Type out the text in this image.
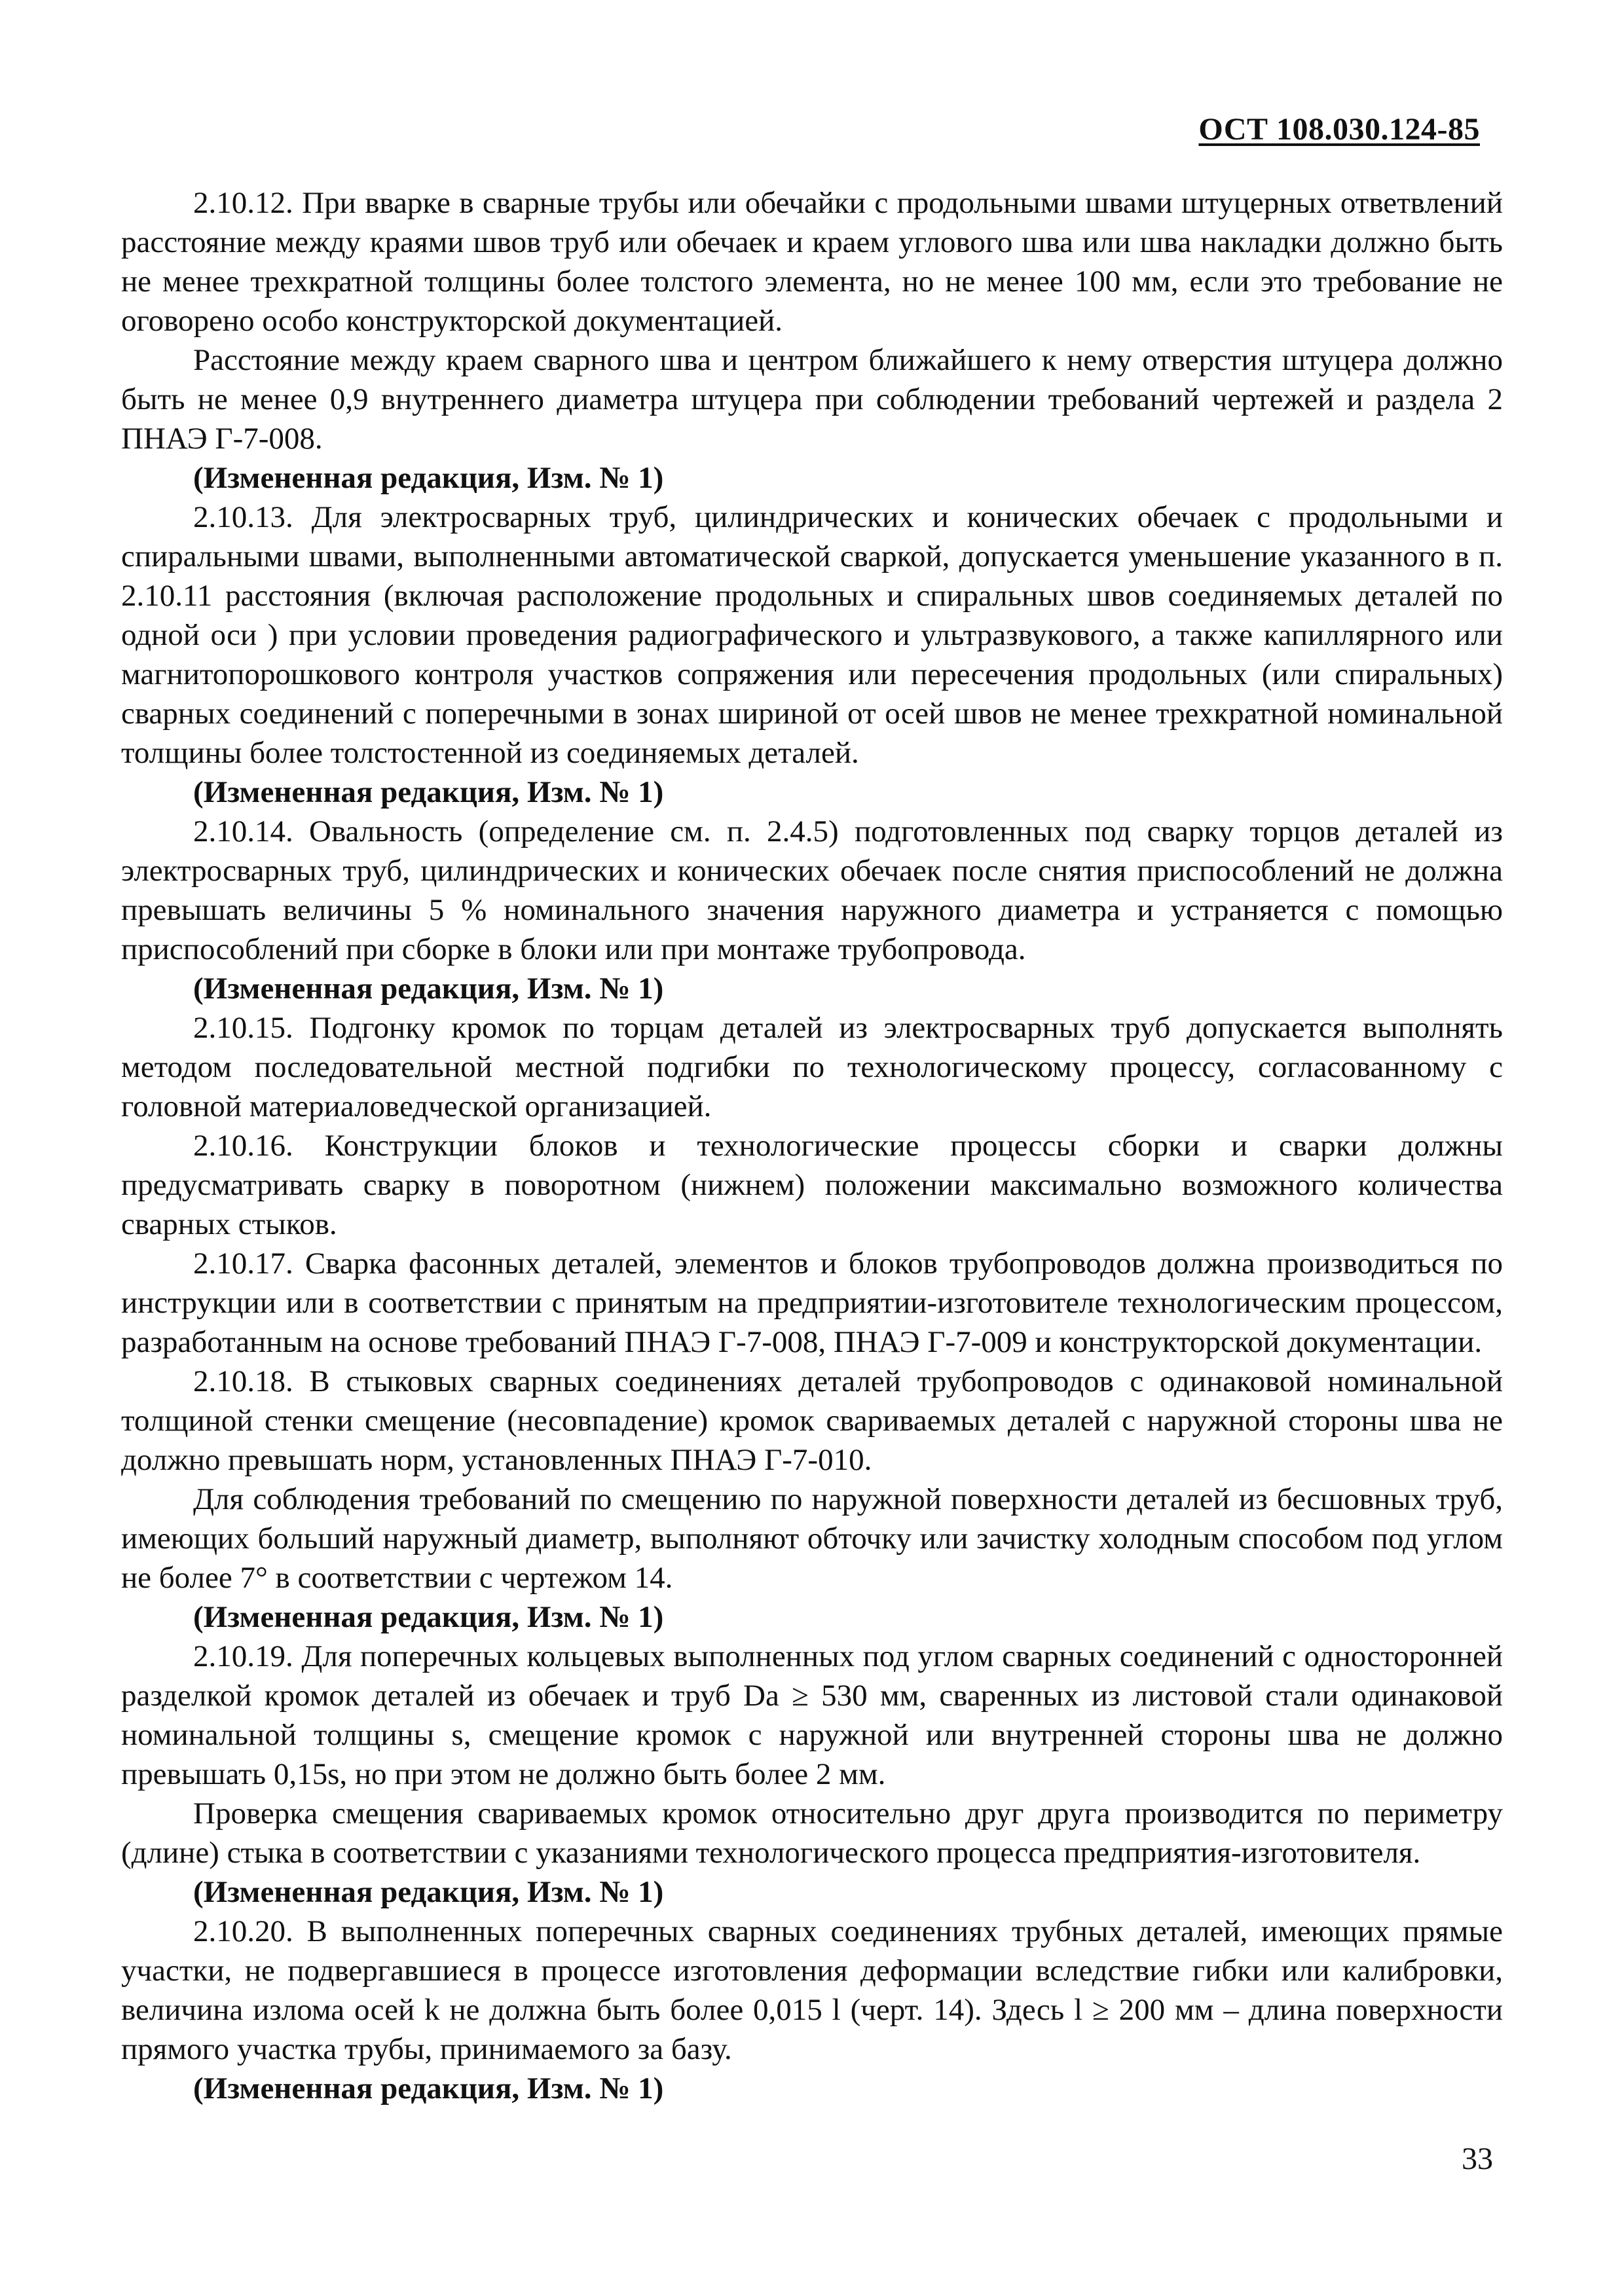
ОСТ 108.030.124-85

2.10.12. При вварке в сварные трубы или обечайки с продольными швами штуцерных ответвлений расстояние между краями швов труб или обечаек и краем углового шва или шва накладки должно быть не менее трехкратной толщины более толстого элемента, но не менее 100 мм, если это требование не оговорено особо конструкторской документацией.

Расстояние между краем сварного шва и центром ближайшего к нему отверстия штуцера должно быть не менее 0,9 внутреннего диаметра штуцера при соблюдении требований чертежей и раздела 2 ПНАЭ Г-7-008.

(Измененная редакция, Изм. № 1)

2.10.13. Для электросварных труб, цилиндрических и конических обечаек с продольными и спиральными швами, выполненными автоматической сваркой, допускается уменьшение указанного в п. 2.10.11 расстояния (включая расположение продольных и спиральных швов соединяемых деталей по одной оси ) при условии проведения радиографического и ультразвукового, а также капиллярного или магнитопорошкового контроля участков сопряжения или пересечения продольных (или спиральных) сварных соединений с поперечными в зонах шириной от осей швов не менее трехкратной номинальной толщины более толстостенной из соединяемых деталей.

(Измененная редакция, Изм. № 1)

2.10.14. Овальность (определение см. п. 2.4.5) подготовленных под сварку торцов деталей из электросварных труб, цилиндрических и конических обечаек после снятия приспособлений не должна превышать величины 5 % номинального значения наружного диаметра и устраняется с помощью приспособлений при сборке в блоки или при монтаже трубопровода.

(Измененная редакция, Изм. № 1)

2.10.15. Подгонку кромок по торцам деталей из электросварных труб допускается выполнять методом последовательной местной подгибки по технологическому процессу, согласованному с головной материаловедческой организацией.

2.10.16. Конструкции блоков и технологические процессы сборки и сварки должны предусматривать сварку в поворотном (нижнем) положении максимально возможного количества сварных стыков.

2.10.17. Сварка фасонных деталей, элементов и блоков трубопроводов должна производиться по инструкции или в соответствии с принятым на предприятии-изготовителе технологическим процессом, разработанным на основе требований ПНАЭ Г-7-008, ПНАЭ Г-7-009 и конструкторской документации.

2.10.18. В стыковых сварных соединениях деталей трубопроводов с одинаковой номинальной толщиной стенки смещение (несовпадение) кромок свариваемых деталей с наружной стороны шва не должно превышать норм, установленных ПНАЭ Г-7-010.

Для соблюдения требований по смещению по наружной поверхности деталей из бесшовных труб, имеющих больший наружный диаметр, выполняют обточку или зачистку холодным способом под углом не более 7° в соответствии с чертежом 14.

(Измененная редакция, Изм. № 1)

2.10.19. Для поперечных кольцевых выполненных под углом сварных соединений с односторонней разделкой кромок деталей из обечаек и труб Da ≥ 530 мм, сваренных из листовой стали одинаковой номинальной толщины s, смещение кромок с наружной или внутренней стороны шва не должно превышать 0,15s, но при этом не должно быть более 2 мм.

Проверка смещения свариваемых кромок относительно друг друга производится по периметру (длине) стыка в соответствии с указаниями технологического процесса предприятия-изготовителя.

(Измененная редакция, Изм. № 1)

2.10.20. В выполненных поперечных сварных соединениях трубных деталей, имеющих прямые участки, не подвергавшиеся в процессе изготовления деформации вследствие гибки или калибровки, величина излома осей k не должна быть более 0,015 l (черт. 14). Здесь l ≥ 200 мм – длина поверхности прямого участка трубы, принимаемого за базу.

(Измененная редакция, Изм. № 1)

33
